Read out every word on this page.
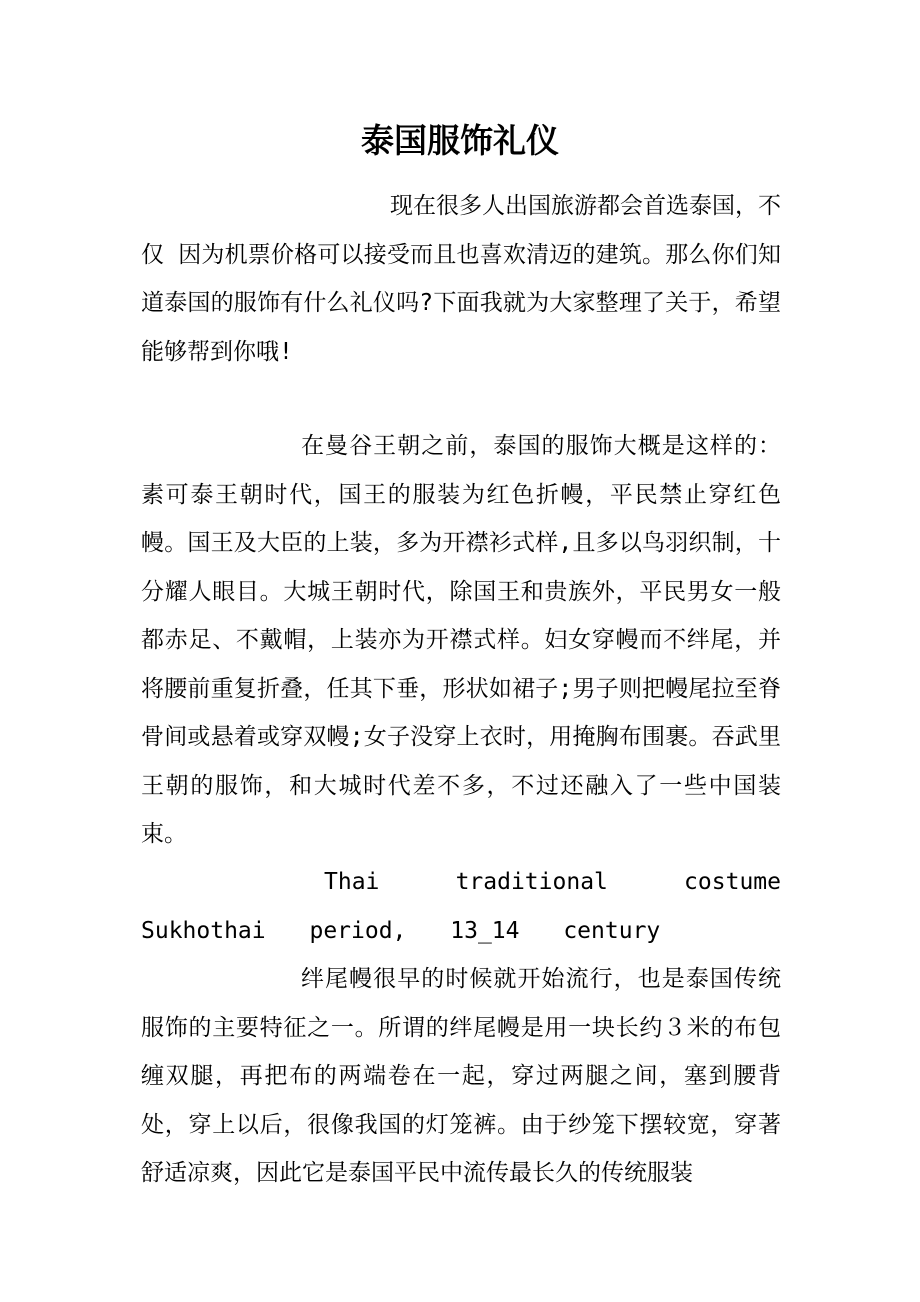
泰国服饰礼仪

现在很多人出国旅游都会首选泰国，不仅 因为机票价格可以接受而且也喜欢清迈的建筑。那么你们知道泰国的服饰有什么礼仪吗?下面我就为大家整理了关于，希望能够帮到你哦!

在曼谷王朝之前，泰国的服饰大概是这样的：素可泰王朝时代，国王的服装为红色折幔，平民禁止穿红色幔。国王及大臣的上装，多为开襟衫式样,且多以鸟羽织制，十分耀人眼目。大城王朝时代，除国王和贵族外，平民男女一般都赤足、不戴帽，上装亦为开襟式样。妇女穿幔而不绊尾，并将腰前重复折叠，任其下垂，形状如裙子;男子则把幔尾拉至脊骨间或悬着或穿双幔;女子没穿上衣时，用掩胸布围裹。吞武里王朝的服饰，和大城时代差不多，不过还融入了一些中国装束。

Thai traditional costume Sukhothai period, 13_14 century

绊尾幔很早的时候就开始流行，也是泰国传统服饰的主要特征之一。所谓的绊尾幔是用一块长约３米的布包缠双腿，再把布的两端卷在一起，穿过两腿之间，塞到腰背处，穿上以后，很像我国的灯笼裤。由于纱笼下摆较宽，穿著舒适凉爽，因此它是泰国平民中流传最长久的传统服装
